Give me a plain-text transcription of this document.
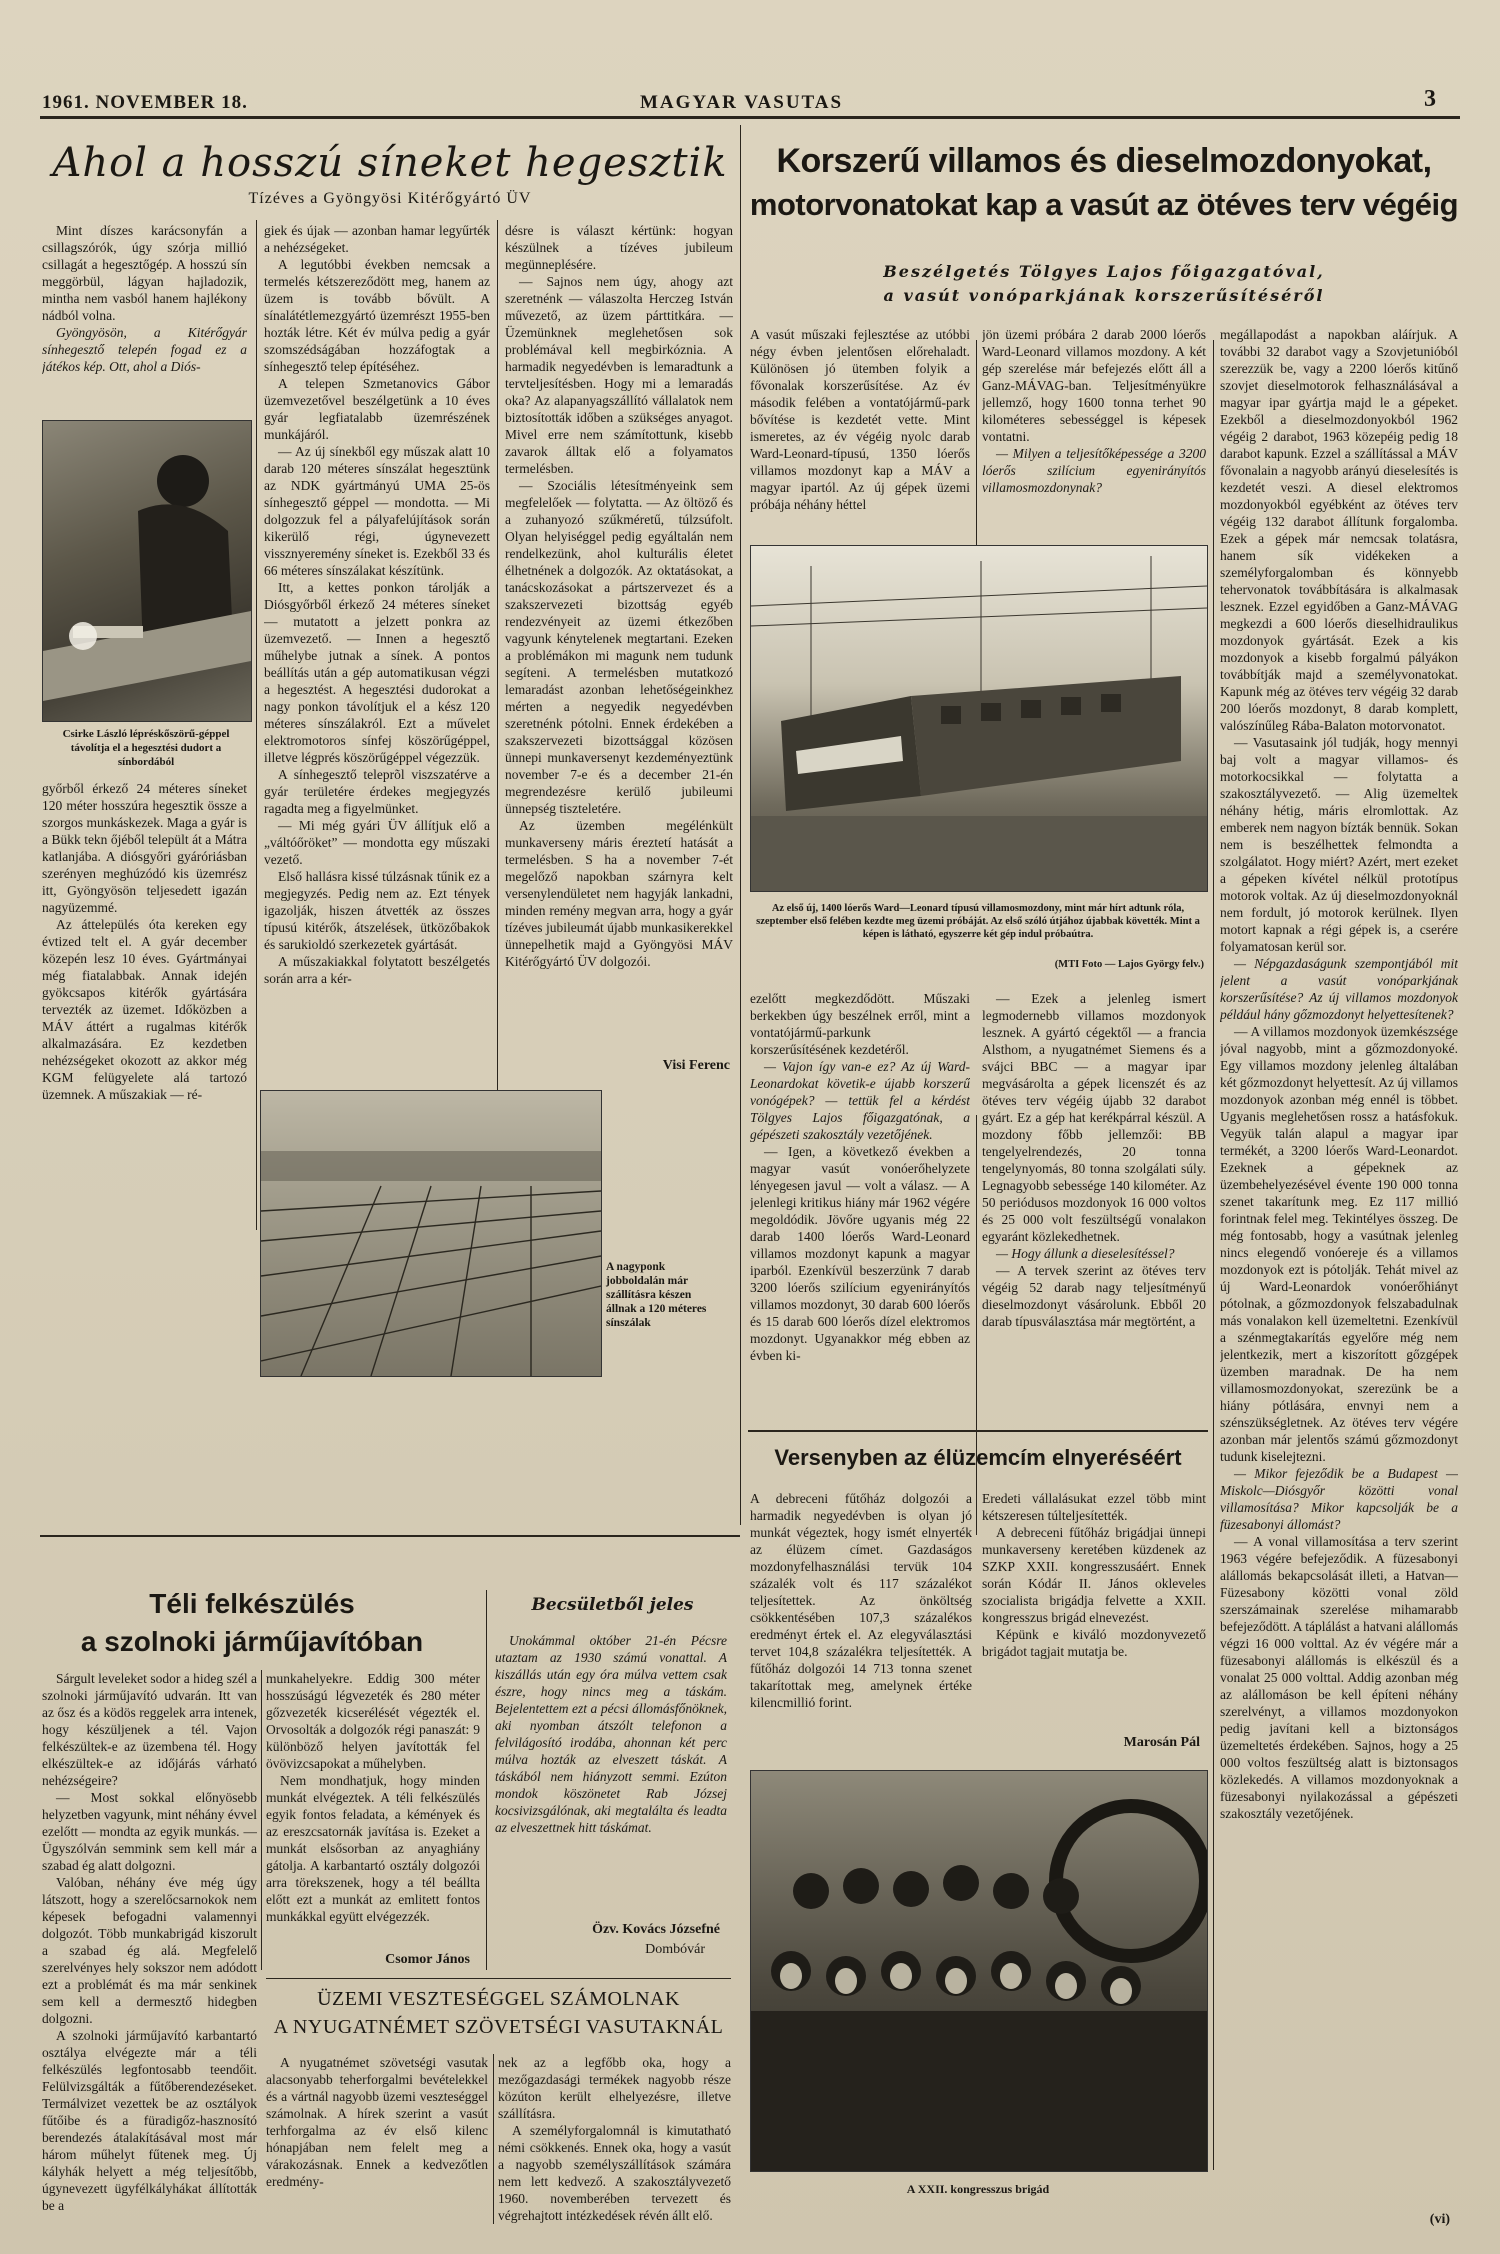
1961. NOVEMBER 18.	MAGYAR VASUTAS	3
Ahol a hosszú síneket hegesztik
Tízéves a Gyöngyösi Kitérőgyártó ÜV

Mint díszes karácsonyfán a csillagszórók, úgy szórja millió csillagát a hegesztőgép. A hosszú sín meggörbül, lágyan hajladozik, mintha nem vasból hanem hajlékony nádból volna.

Gyöngyösön, a Kitérőgyár sínhegesztő telepén fogad ez a játékos kép. Ott, ahol a Diós-

Csirke László lépréskőszörű-géppel távolítja el a hegesztési dudort a sínbordából

győrből érkező 24 méteres síneket 120 méter hosszúra hegesztik össze a szorgos munkáskezek. Maga a gyár is a Bükk tekn őjéből települt át a Mátra katlanjába. A diósgyőri gyáróriásban szerényen meghúzódó kis üzemrész itt, Gyöngyösön teljesedett igazán nagyüzemmé.

Az áttelepülés óta kereken egy évtized telt el. A gyár december közepén lesz 10 éves. Gyártmányai még fiatalabbak. Annak idején gyökcsapos kitérők gyártására tervezték az üzemet. Időközben a MÁV áttért a rugalmas kitérők alkalmazására. Ez kezdetben nehézségeket okozott az akkor még KGM felügyelete alá tartozó üzemnek. A műszakiak — ré-

giek és újak — azonban hamar legyűrték a nehézségeket.

A legutóbbi években nemcsak a termelés kétszereződött meg, hanem az üzem is tovább bővült. A sínalátétlemezgyártó üzemrészt 1955-ben hozták létre. Két év múlva pedig a gyár szomszédságában hozzáfogtak a sínhegesztő telep építéséhez.

A telepen Szmetanovics Gábor üzemvezetővel beszélgetünk a 10 éves gyár legfiatalabb üzemrészének munkájáról.

— Az új sínekből egy műszak alatt 10 darab 120 méteres sínszálat hegesztünk az NDK gyártmányú UMA 25-ös sínhegesztő géppel — mondotta. — Mi dolgozzuk fel a pályafelújítások során kikerülő régi, úgynevezett vissznyeremény síneket is. Ezekből 33 és 66 méteres sínszálakat készítünk.

Itt, a kettes ponkon tárolják a Diósgyőrből érkező 24 méteres síneket — mutatott a jelzett ponkra az üzemvezető. — Innen a hegesztő műhelybe jutnak a sínek. A pontos beállítás után a gép automatikusan végzi a hegesztést. A hegesztési dudorokat a nagy ponkon távolítjuk el a kész 120 méteres sínszálakról. Ezt a művelet elektromotoros sínfej köszörűgéppel, illetve légprés köszörűgéppel végezzük.

A sínhegesztő teleprõl viszszatérve a gyár területére érdekes megjegyzés ragadta meg a figyelmünket.

— Mi még gyári ÜV állítjuk elő a „váltóőröket” — mondotta egy műszaki vezető.

Első hallásra kissé túlzásnak tűnik ez a megjegyzés. Pedig nem az. Ezt tények igazolják, hiszen átvették az összes típusú kitérők, átszelések, ütközőbakok és sarukioldó szerkezetek gyártását.

A műszakiakkal folytatott beszélgetés során arra a kér-

désre is választ kértünk: hogyan készülnek a tízéves jubileum megünneplésére.

— Sajnos nem úgy, ahogy azt szeretnénk — válaszolta Herczeg István művezető, az üzem párttitkára. — Üzemünknek meglehetősen sok problémával kell megbirkóznia. A harmadik negyedévben is lemaradtunk a tervteljesítésben. Hogy mi a lemaradás oka? Az alapanyagszállító vállalatok nem biztosították időben a szükséges anyagot. Mivel erre nem számítottunk, kisebb zavarok álltak elő a folyamatos termelésben.

— Szociális létesítményeink sem megfelelőek — folytatta. — Az öltöző és a zuhanyozó szűkméretű, túlzsúfolt. Olyan helyiséggel pedig egyáltalán nem rendelkezünk, ahol kulturális életet élhetnének a dolgozók. Az oktatásokat, a tanácskozásokat a pártszervezet és a szakszervezeti bizottság egyéb rendezvényeit az üzemi étkezőben vagyunk kénytelenek megtartani. Ezeken a problémákon mi magunk nem tudunk segíteni. A termelésben mutatkozó lemaradást azonban lehetőségeinkhez mérten a negyedik negyedévben szeretnénk pótolni. Ennek érdekében a szakszervezeti bizottsággal közösen ünnepi munkaversenyt kezdeményeztünk november 7-e és a december 21-én megrendezésre kerülő jubileumi ünnepség tiszteletére.

Az üzemben megélénkült munkaverseny máris éreztetí hatását a termelésben. S ha a november 7-ét megelőző napokban szárnyra kelt versenylendületet nem hagyják lankadni, minden remény megvan arra, hogy a gyár tízéves jubileumát újabb munkasikerekkel ünnepelhetik majd a Gyöngyösi MÁV Kitérőgyártó ÜV dolgozói.

Visi Ferenc
A nagyponk jobboldalán már szállításra készen állnak a 120 méteres sínszálak
Korszerű villamos és dieselmozdonyokat,
motorvonatokat kap a vasút az ötéves terv végéig
Beszélgetés Tölgyes Lajos főigazgatóval,
a vasút vonóparkjának korszerűsítéséről

A vasút műszaki fejlesztése az utóbbi négy évben jelentősen előrehaladt. Különösen jó ütemben folyik a fővonalak korszerűsítése. Az év második felében a vontatójármű-park bővítése is kezdetét vette. Mint ismeretes, az év végéig nyolc darab Ward-Leonard-típusú, 1350 lóerős villamos mozdonyt kap a MÁV a magyar ipartól. Az új gépek üzemi próbája néhány héttel

jön üzemi próbára 2 darab 2000 lóerős Ward-Leonard villamos mozdony. A két gép szerelése már befejezés előtt áll a Ganz-MÁVAG-ban. Teljesítményükre jellemző, hogy 1600 tonna terhet 90 kilométeres sebességgel is képesek vontatni.

— Milyen a teljesítőképessége a 3200 lóerős szilícium egyenirányítós villamosmozdonynak?

Az első új, 1400 lóerős Ward—Leonard típusú villamosmozdony, mint már hírt adtunk róla, szeptember első felében kezdte meg üzemi próbáját. Az első szóló útjához újabbak követték. Mint a képen is látható, egyszerre két gép indul próbaútra.
(MTI Foto — Lajos György felv.)

ezelőtt megkezdődött. Műszaki berkekben úgy beszélnek erről, mint a vontatójármű-parkunk korszerűsítésének kezdetéről.

— Vajon így van-e ez? Az új Ward-Leonardokat követik-e újabb korszerű vonógépek? — tettük fel a kérdést Tölgyes Lajos főigazgatónak, a gépészeti szakosztály vezetőjének.

— Igen, a következő években a magyar vasút vonóerőhelyzete lényegesen javul — volt a válasz. — A jelenlegi kritikus hiány már 1962 végére megoldódik. Jövőre ugyanis még 22 darab 1400 lóerős Ward-Leonard villamos mozdonyt kapunk a magyar iparból. Ezenkívül beszerzünk 7 darab 3200 lóerős szilícium egyenirányítós villamos mozdonyt, 30 darab 600 lóerős és 15 darab 600 lóerős dízel elektromos mozdonyt. Ugyanakkor még ebben az évben ki-

— Ezek a jelenleg ismert legmodernebb villamos mozdonyok lesznek. A gyártó cégektől — a francia Alsthom, a nyugatnémet Siemens és a svájci BBC — a magyar ipar megvásárolta a gépek licenszét és az ötéves terv végéig újabb 32 darabot gyárt. Ez a gép hat kerékpárral készül. A mozdony főbb jellemzői: BB tengelyelrendezés, 20 tonna tengelynyomás, 80 tonna szolgálati súly. Legnagyobb sebessége 140 kilométer. Az 50 periódusos mozdonyok 16 000 voltos és 25 000 volt feszültségű vonalakon egyaránt közlekedhetnek.

— Hogy állunk a dieselesítéssel?

— A tervek szerint az ötéves terv végéig 52 darab nagy teljesítményű dieselmozdonyt vásárolunk. Ebből 20 darab típusválasztása már megtörtént, a

megállapodást a napokban aláírjuk. A további 32 darabot vagy a Szovjetunióból szerezzük be, vagy a 2200 lóerős kitűnő szovjet dieselmotorok felhasználásával a magyar ipar gyártja majd le a gépeket. Ezekből a dieselmozdonyokból 1962 végéig 2 darabot, 1963 közepéig pedig 18 darabot kapunk. Ezzel a szállítással a MÁV fővonalain a nagyobb arányú dieselesítés is kezdetét veszi. A diesel elektromos mozdonyokból egyébként az ötéves terv végéig 132 darabot állítunk forgalomba. Ezek a gépek már nemcsak tolatásra, hanem sík vidékeken a személyforgalomban és könnyebb tehervonatok továbbítására is alkalmasak lesznek. Ezzel egyidőben a Ganz-MÁVAG megkezdi a 600 lóerős dieselhidraulikus mozdonyok gyártását. Ezek a kis mozdonyok a kisebb forgalmú pályákon továbbítják majd a személyvonatokat. Kapunk még az ötéves terv végéig 32 darab 200 lóerős mozdonyt, 8 darab komplett, valószínűleg Rába-Balaton motorvonatot.

— Vasutasaink jól tudják, hogy mennyi baj volt a magyar villamos- és motorkocsikkal — folytatta a szakosztályvezető. — Alig üzemeltek néhány hétig, máris elromlottak. Az emberek nem nagyon bízták bennük. Sokan nem is beszélhettek felmondta a szolgálatot. Hogy miért? Azért, mert ezeket a gépeken kívétel nélkül prototípus motorok voltak. Az új dieselmozdonyoknál nem fordult, jó motorok kerülnek. Ilyen motort kapnak a régi gépek is, a cserére folyamatosan kerül sor.

— Népgazdaságunk szempontjából mit jelent a vasút vonóparkjának korszerűsítése? Az új villamos mozdonyok például hány gőzmozdonyt helyettesítenek?

— A villamos mozdonyok üzemkészsége jóval nagyobb, mint a gőzmozdonyoké. Egy villamos mozdony jelenleg általában két gőzmozdonyt helyettesít. Az új villamos mozdonyok azonban még ennél is többet. Ugyanis meglehetősen rossz a hatásfokuk. Vegyük talán alapul a magyar ipar termékét, a 3200 lóerős Ward-Leonardot. Ezeknek a gépeknek az üzembehelyezésével évente 190 000 tonna szenet takarítunk meg. Ez 117 millió forintnak felel meg. Tekintélyes összeg. De még fontosabb, hogy a vasútnak jelenleg nincs elegendő vonóereje és a villamos mozdonyok ezt is pótolják. Tehát mivel az új Ward-Leonardok vonóerőhiányt pótolnak, a gőzmozdonyok felszabadulnak más vonalakon kell üzemeltetni. Ezenkívül a szénmegtakarítás egyelőre még nem jelentkezik, mert a kiszorított gőzgépek üzemben maradnak. De ha nem villamosmozdonyokat, szerezünk be a hiány pótlására, envnyi nem a szénszükségletnek. Az ötéves terv végére azonban már jelentős számú gőzmozdonyt tudunk kiselejtezni.

— Mikor fejeződik be a Budapest — Miskolc—Diósgyőr közötti vonal villamosítása? Mikor kapcsolják be a füzesabonyi állomást?

— A vonal villamosítása a terv szerint 1963 végére befejeződik. A füzesabonyi alállomás bekapcsolását illeti, a Hatvan—Füzesabony közötti vonal zöld szerszámainak szerelése mihamarabb befejeződött. A táplálást a hatvani alállomás végzi 16 000 volttal. Az év végére már a füzesabonyi alállomás is elkészül és a vonalat 25 000 volttal. Addig azonban még az alállomáson be kell építeni néhány szerelvényt, a villamos mozdonyokon pedig javítani kell a biztonságos üzemeltetés érdekében. Sajnos, hogy a 25 000 voltos feszültség alatt is biztonsagos közlekedés. A villamos mozdonyoknak a füzesabonyi nyilakozással a gépészeti szakosztály vezetőjének.

(vi)
Versenyben az élüzemcím elnyeréséért

A debreceni fűtőház dolgozói a harmadik negyedévben is olyan jó munkát végeztek, hogy ismét elnyerték az élüzem címet. Gazdaságos mozdonyfelhasználási tervük 104 százalék volt és 117 százalékot teljesítettek. Az önköltség csökkentésében 107,3 százalékos eredményt értek el. Az elegyválasztási tervet 104,8 százalékra teljesítették. A fűtőház dolgozói 14 713 tonna szenet takarítottak meg, amelynek értéke kilencmillió forint.

Eredeti vállalásukat ezzel több mint kétszeresen túlteljesítették.

A debreceni fűtőház brigádjai ünnepi munkaverseny keretében küzdenek az SZKP XXII. kongresszusáért. Ennek során Kódár II. János okleveles szocialista brigádja felvette a XXII. kongresszus brigád elnevezést.

Képünk e kiváló mozdonyvezető brigádot tagjait mutatja be.

Marosán Pál
A XXII. kongresszus brigád
Téli felkészülés
a szolnoki járműjavítóban

Sárgult leveleket sodor a hideg szél a szolnoki járműjavító udvarán. Itt van az ősz és a ködös reggelek arra intenek, hogy készüljenek a tél. Vajon felkészültek-e az üzembena tél. Hogy elkészültek-e az időjárás várható nehézségeire?

— Most sokkal előnyösebb helyzetben vagyunk, mint néhány évvel ezelőtt — mondta az egyik munkás. — Ügyszólván semmink sem kell már a szabad ég alatt dolgozni.

Valóban, néhány éve még úgy látszott, hogy a szerelőcsarnokok nem képesek befogadni valamennyi dolgozót. Több munkabrigád kiszorult a szabad ég alá. Megfelelő szerelvényes hely sokszor nem adódott ezt a problémát és ma már senkinek sem kell a dermesztő hidegben dolgozni.

A szolnoki járműjavító karbantartó osztálya elvégezte már a téli felkészülés legfontosabb teendőit. Felülvizsgálták a fűtőberendezéseket. Termálvizet vezettek be az osztályok fűtőibe és a füradigőz-hasznosító berendezés átalakításával most már három műhelyt fűtenek meg. Új kályhák helyett a még teljesítőbb, úgynevezett ügyfélkályhákat állították be a

munkahelyekre. Eddig 300 méter hosszúságú légvezeték és 280 méter gőzvezeték kicserélését végezték el. Orvosolták a dolgozók régi panaszát: 9 különböző helyen javították fel övövizcsapokat a műhelyben.

Nem mondhatjuk, hogy minden munkát elvégeztek. A téli felkészülés egyik fontos feladata, a kémények és az ereszcsatornák javítása is. Ezeket a munkát elsősorban az anyaghiány gátolja. A karbantartó osztály dolgozói arra törekszenek, hogy a tél beállta előtt ezt a munkát az emlitett fontos munkákkal együtt elvégezzék.

Csomor János
Becsületből jeles

Unokámmal október 21-én Pécsre utaztam az 1930 számú vonattal. A kiszállás után egy óra múlva vettem csak észre, hogy nincs meg a táskám. Bejelentettem ezt a pécsi állomásfőnöknek, aki nyomban átszólt telefonon a felvilágosító irodába, ahonnan két perc múlva hozták az elveszett táskát. A táskából nem hiányzott semmi. Ezúton mondok köszönetet Rab Józsej kocsivizsgálónak, aki megtalálta és leadta az elveszettnek hitt táskámat.

Özv. Kovács Józsefné
Dombóvár
ÜZEMI VESZTESÉGGEL SZÁMOLNAK
A NYUGATNÉMET SZÖVETSÉGI VASUTAKNÁL

A nyugatnémet szövetségi vasutak alacsonyabb teherforgalmi bevételekkel és a vártnál nagyobb üzemi veszteséggel számolnak. A hírek szerint a vasút terhforgalma az év első kilenc hónapjában nem felelt meg a várakozásnak. Ennek a kedvezőtlen eredmény-

nek az a legfőbb oka, hogy a mezőgazdasági termékek nagyobb része közúton került elhelyezésre, illetve szállításra.

A személyforgalomnál is kimutatható némi csökkenés. Ennek oka, hogy a vasút a nagyobb személyszállítások számára nem lett kedvező. A szakosztályvezető 1960. novemberében tervezett és végrehajtott intézkedések révén állt elő.
